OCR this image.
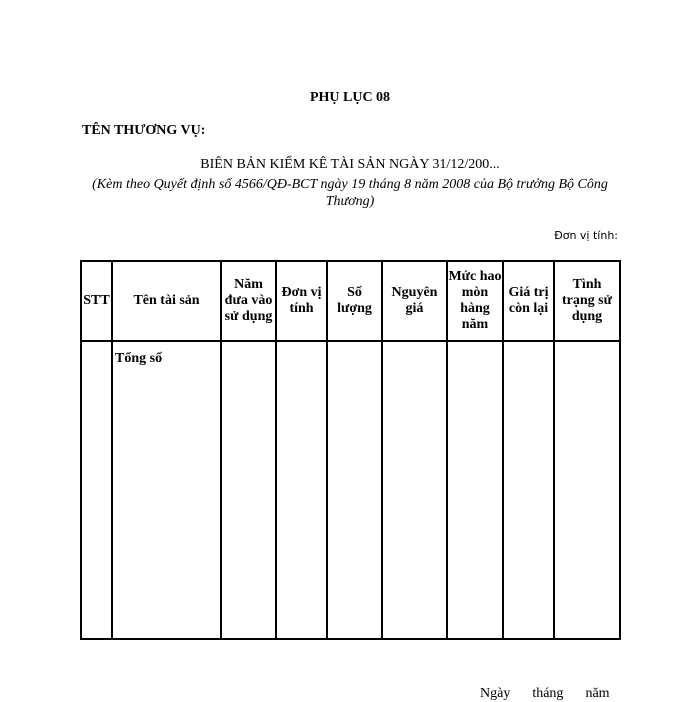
PHỤ LỤC 08
TÊN THƯƠNG VỤ:
BIÊN BẢN KIỂM KÊ TÀI SẢN NGÀY 31/12/200...
(Kèm theo Quyết định số 4566/QĐ-BCT ngày 19 tháng 8 năm 2008 của Bộ trưởng Bộ Công Thương)
Đơn vị tính:
STT	Tên tài sản	Năm đưa vào sử dụng	Đơn vị tính	Số lượng	Nguyên giá	Mức hao mòn hàng năm	Giá trị còn lại	Tình trạng sử dụng
	Tổng số							
Ngày tháng năm
